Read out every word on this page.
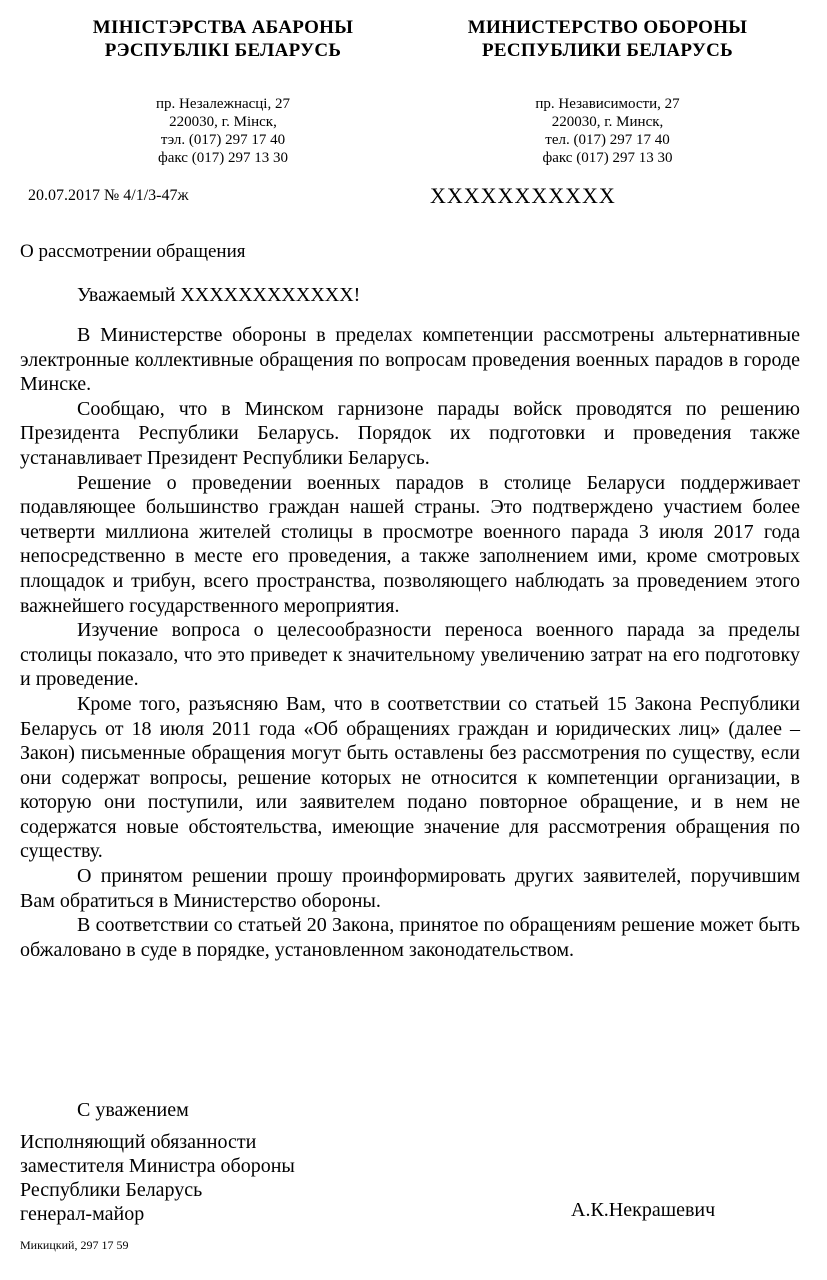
МІНІСТЭРСТВА АБАРОНЫ
РЭСПУБЛІКІ БЕЛАРУСЬ
пр. Незалежнасці, 27
220030, г. Мінск,
тэл. (017) 297 17 40
факс (017) 297 13 30
МИНИСТЕРСТВО ОБОРОНЫ
РЕСПУБЛИКИ БЕЛАРУСЬ
пр. Независимости, 27
220030, г. Минск,
тел. (017) 297 17 40
факс (017) 297 13 30
20.07.2017 № 4/1/3-47ж	XXXXXXXXXXX
О рассмотрении обращения
Уважаемый XXXXXXXXXXXX!

В Министерстве обороны в пределах компетенции рассмотрены альтернативные электронные коллективные обращения по вопросам проведения военных парадов в городе Минске.

Сообщаю, что в Минском гарнизоне парады войск проводятся по решению Президента Республики Беларусь. Порядок их подготовки и проведения также устанавливает Президент Республики Беларусь.

Решение о проведении военных парадов в столице Беларуси поддерживает подавляющее большинство граждан нашей страны. Это подтверждено участием более четверти миллиона жителей столицы в просмотре военного парада 3 июля 2017 года непосредственно в месте его проведения, а также заполнением ими, кроме смотровых площадок и трибун, всего пространства, позволяющего наблюдать за проведением этого важнейшего государственного мероприятия.

Изучение вопроса о целесообразности переноса военного парада за пределы столицы показало, что это приведет к значительному увеличению затрат на его подготовку и проведение.

Кроме того, разъясняю Вам, что в соответствии со статьей 15 Закона Республики Беларусь от 18 июля 2011 года «Об обращениях граждан и юридических лиц» (далее – Закон) письменные обращения могут быть оставлены без рассмотрения по существу, если они содержат вопросы, решение которых не относится к компетенции организации, в которую они поступили, или заявителем подано повторное обращение, и в нем не содержатся новые обстоятельства, имеющие значение для рассмотрения обращения по существу.

О принятом решении прошу проинформировать других заявителей, поручившим Вам обратиться в Министерство обороны.

В соответствии со статьей 20 Закона, принятое по обращениям решение может быть обжаловано в суде в порядке, установленном законодательством.

С уважением
Исполняющий обязанности
заместителя Министра обороны
Республики Беларусь
генерал-майор	А.К.Некрашевич
Микицкий, 297 17 59
